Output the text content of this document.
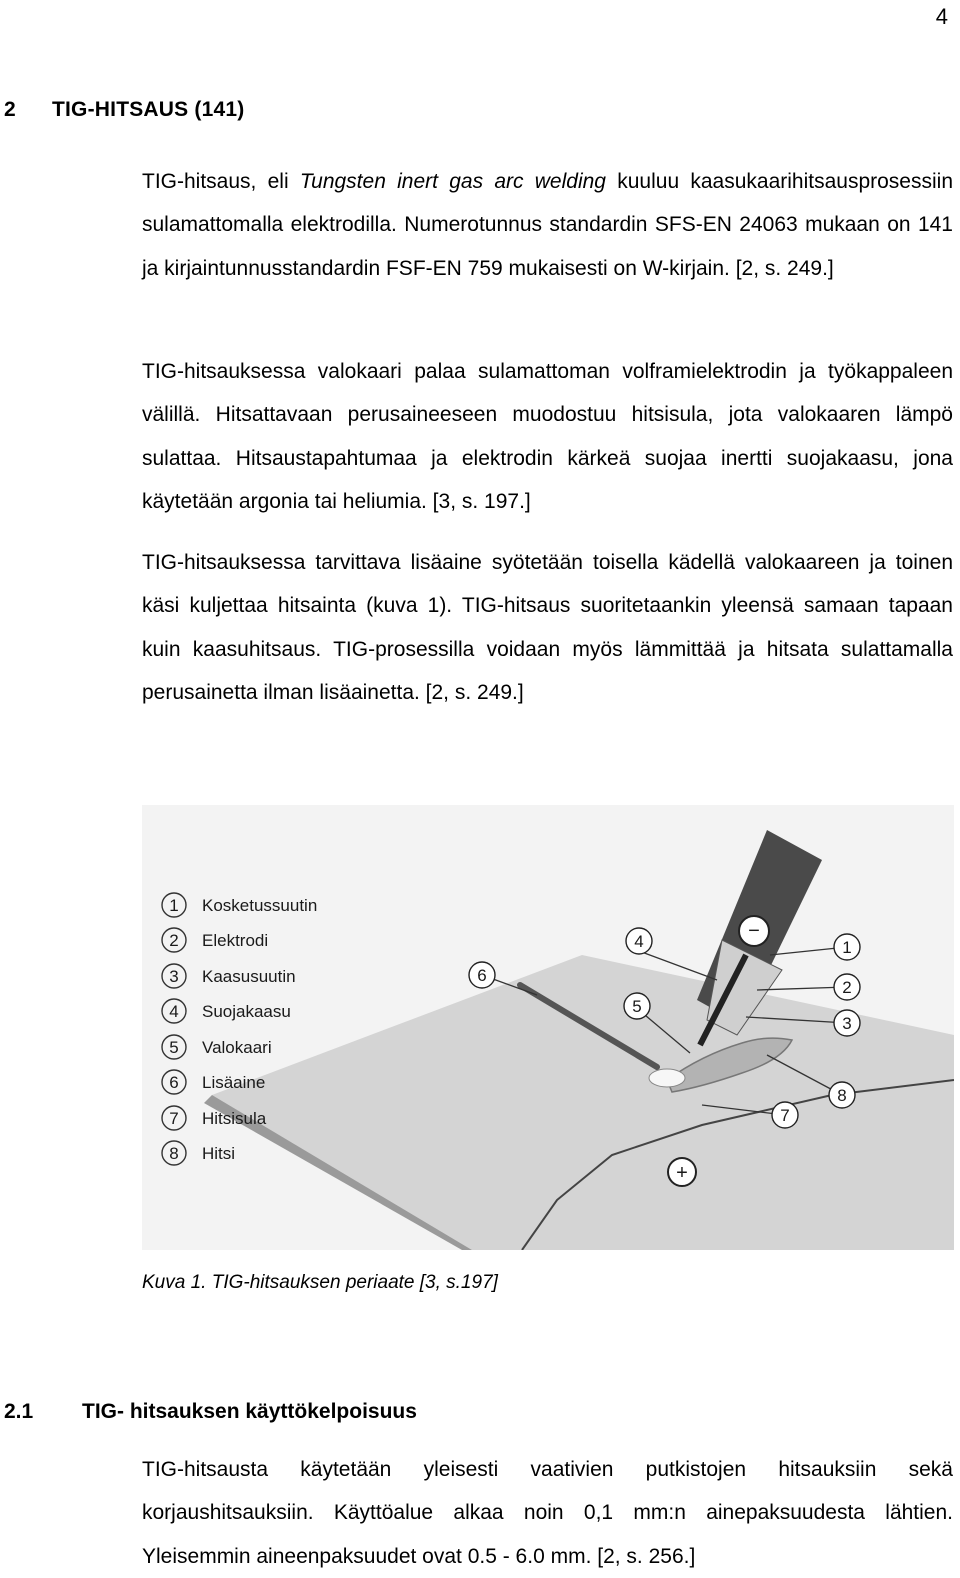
4
2 TIG-HITSAUS (141)
TIG-hitsaus, eli Tungsten inert gas arc welding kuuluu kaasukaarihitsausprosessiin sulamattomalla elektrodilla. Numerotunnus standardin SFS-EN 24063 mukaan on 141 ja kirjaintunnusstandardin FSF-EN 759 mukaisesti on W-kirjain. [2, s. 249.]
TIG-hitsauksessa valokaari palaa sulamattoman volframielektrodin ja työkappaleen välillä. Hitsattavaan perusaineeseen muodostuu hitsisula, jota valokaaren lämpö sulattaa. Hitsaustapahtumaa ja elektrodin kärkeä suojaa inertti suojakaasu, jona käytetään argonia tai heliumia. [3, s. 197.]
TIG-hitsauksessa tarvittava lisäaine syötetään toisella kädellä valokaareen ja toinen käsi kuljettaa hitsainta (kuva 1). TIG-hitsaus suoritetaankin yleensä samaan tapaan kuin kaasuhitsaus. TIG-prosessilla voidaan myös lämmittää ja hitsata sulattamalla perusainetta ilman lisäainetta. [2, s. 249.]
−
+
1
2
3
4
5
6
7
8
1 Kosketussuutin
2 Elektrodi
3 Kaasusuutin
4 Suojakaasu
5 Valokaari
6 Lisäaine
7 Hitsisula
8 Hitsi
Kuva 1. TIG-hitsauksen periaate [3, s.197]
2.1 TIG- hitsauksen käyttökelpoisuus
TIG-hitsausta käytetään yleisesti vaativien putkistojen hitsauksiin sekä korjaushitsauksiin. Käyttöalue alkaa noin 0,1 mm:n ainepaksuudesta lähtien. Yleisemmin aineenpaksuudet ovat 0.5 - 6.0 mm. [2, s. 256.]
